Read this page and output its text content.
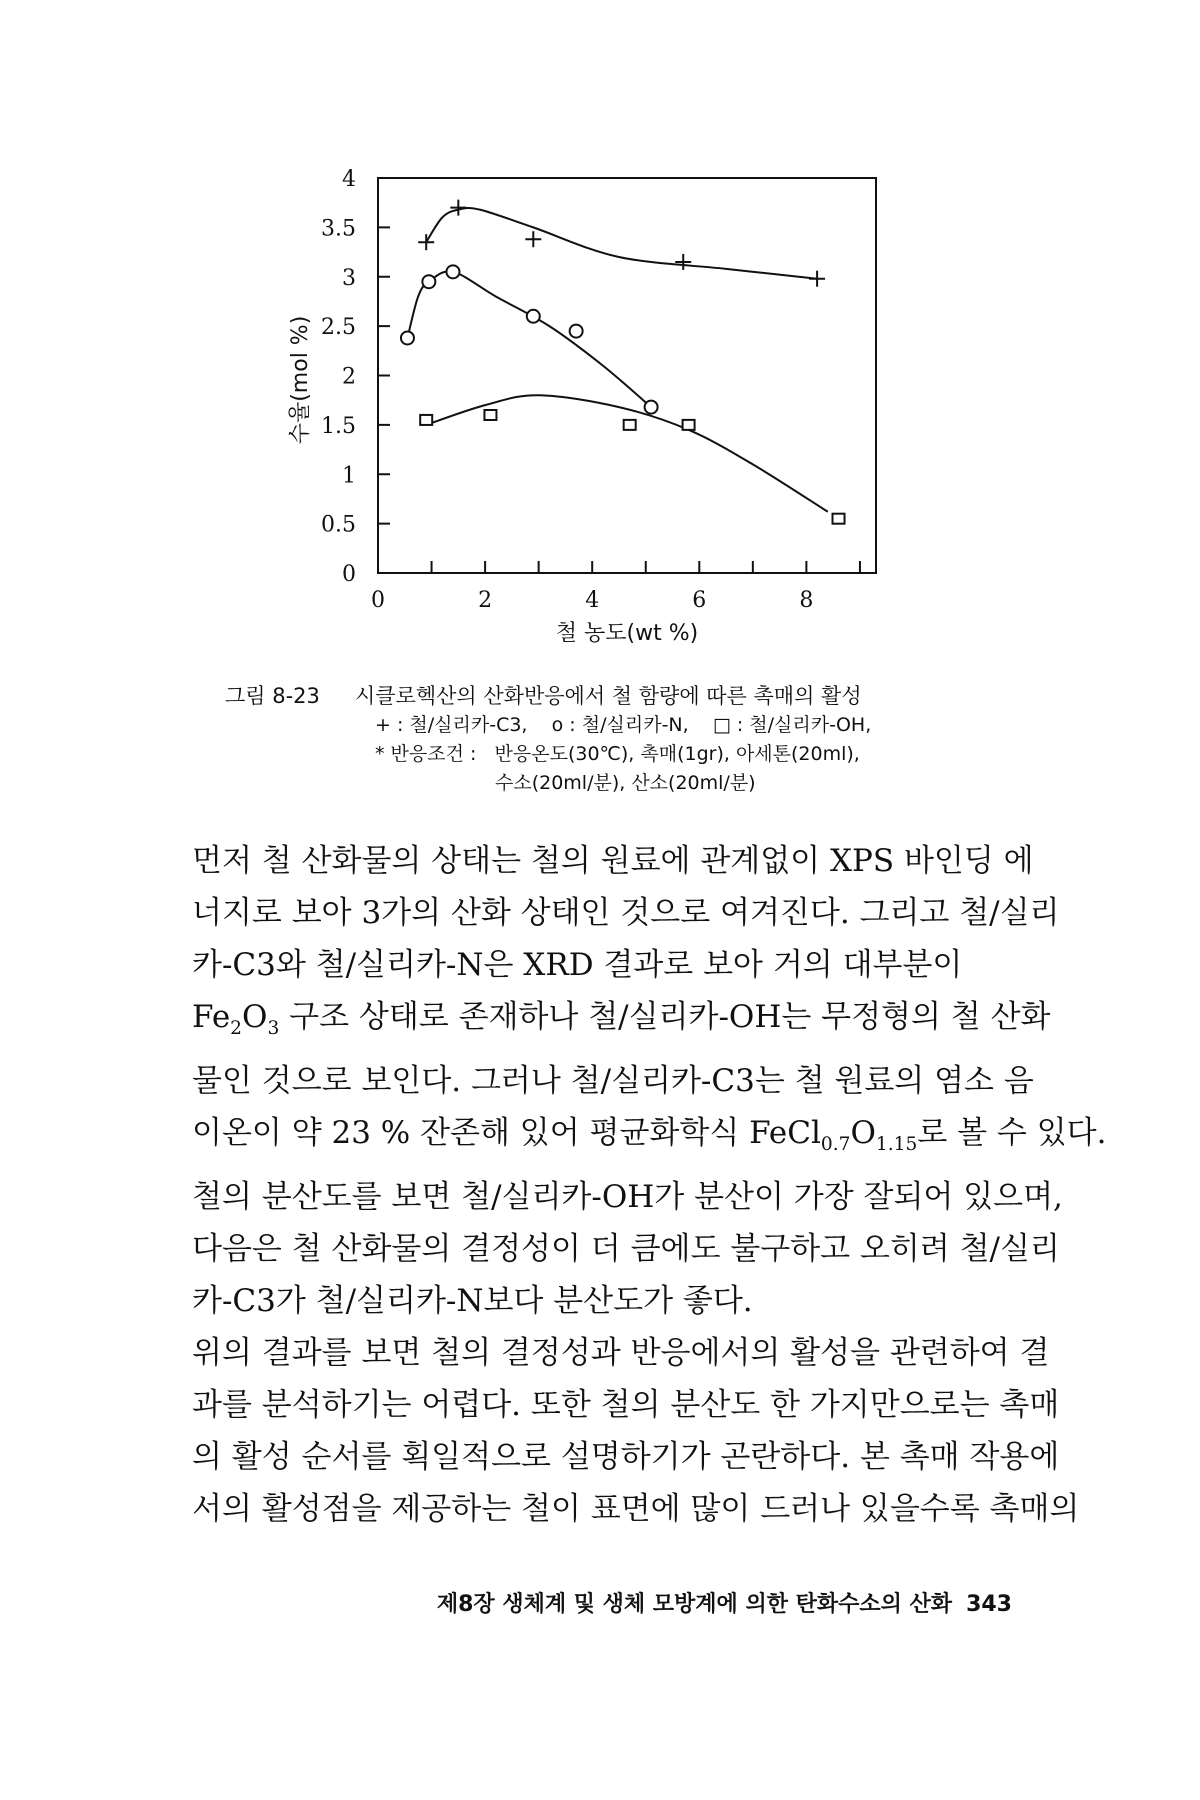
0
0.5
1
1.5
2
2.5
3
3.5
4
0	2	4	6	8
철 농도(wt %)
수율(mol %)
그림 8-23 시클로헥산의 산화반응에서 철 함량에 따른 촉매의 활성
+ : 철/실리카-C3, o : 철/실리카-N, □ : 철/실리카-OH,
* 반응조건 : 반응온도(30℃), 촉매(1gr), 아세톤(20ml),
수소(20ml/분), 산소(20ml/분)

먼저 철 산화물의 상태는 철의 원료에 관계없이 XPS 바인딩 에
너지로 보아 3가의 산화 상태인 것으로 여겨진다. 그리고 철/실리
카-C3와 철/실리카-N은 XRD 결과로 보아 거의 대부분이
$Fe_2O_3$ 구조 상태로 존재하나 철/실리카-OH는 무정형의 철 산화
물인 것으로 보인다. 그러나 철/실리카-C3는 철 원료의 염소 음
이온이 약 23 % 잔존해 있어 평균화학식 $FeCl_{0.7}O_{1.15}$로 볼 수 있다.
철의 분산도를 보면 철/실리카-OH가 분산이 가장 잘되어 있으며,
다음은 철 산화물의 결정성이 더 큼에도 불구하고 오히려 철/실리
카-C3가 철/실리카-N보다 분산도가 좋다.

위의 결과를 보면 철의 결정성과 반응에서의 활성을 관련하여 결
과를 분석하기는 어렵다. 또한 철의 분산도 한 가지만으로는 촉매
의 활성 순서를 획일적으로 설명하기가 곤란하다. 본 촉매 작용에
서의 활성점을 제공하는 철이 표면에 많이 드러나 있을수록 촉매의

제8장 생체계 및 생체 모방계에 의한 탄화수소의 산화 343
